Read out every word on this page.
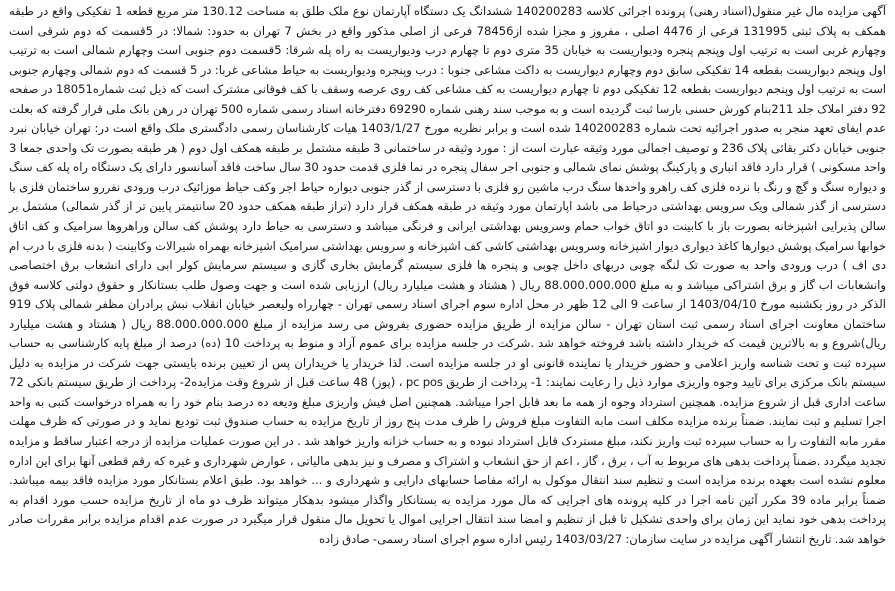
آگهی مزایده مال غیر منقول(اسناد رهنی) پرونده اجرائی کلاسه 140200283 ششدانگ یک دستگاه آپارتمان نوع ملک طلق به مساحت 130.12 متر مربع قطعه 1 تفکیکی واقع در طبقه همکف به پلاک ثبتی 131995 فرعی از 4476 اصلی ، مفروز و مجزا شده از78456 فرعی از اصلی مذکور واقع در بخش 7 تهران به حدود: شمالا: در 5قسمت که دوم شرقی است وچهارم غربی است به ترتیب اول وپنجم پنجره ودیواریست به خیابان 35 متری دوم تا چهارم درب ودیواریست به راه پله شرقا: 5قسمت دوم جنوبی است وچهارم شمالی است به ترتیب اول وپنجم دیواریست بقطعه 14 تفکیکی سابق دوم وچهارم دیواریست به داکت مشاعی جنوبا : درب وپنجره ودیواریست به حیاط مشاعی غربا: در 5 قسمت که دوم شمالی وچهارم جنوبی است به ترتیب اول وپنجم دیواریست بقطعه 12 تفکیکی دوم تا چهارم دیواریست به کف مشاعی کف روی عرصه وسقف با کف فوقانی مشترک است که ذیل ثبت شماره18051 در صفحه 92 دفتر املاک جلد 211بنام کورش حسنی بارسا ثبت گردیده است و به موجب سند رهنی شماره 69290 دفترخانه اسناد رسمی شماره 500 تهران در رهن بانک ملی قرار گرفته که بعلت عدم ایفای تعهد منجر به صدور اجرائیه تحت شماره 140200283 شده است و برابر نظریه مورخ 1403/1/27 هیات کارشناسان رسمی دادگستری ملک واقع است در: تهران خیابان نبرد جنوبی خیابان دکتر بقائی پلاک 236 و توصیف اجمالی مورد وثیقه عبارت است از : مورد وثیقه در ساختمانی 3 طبقه مشتمل بر طبقه همکف اول دوم ( هر طبقه بصورت تک واحدی جمعا 3 واحد مسکونی ) قرار دارد فاقد انباری و پارکینگ پوشش نمای شمالی و جنوبی اجر سفال پنجره در نما فلزی قدمت حدود 30 سال ساخت فاقد آسانسور دارای یک دستگاه راه پله کف سنگ و دیواره سنگ و گچ و رنگ با نرده فلزی کف راهرو واحدها سنگ درب ماشین رو فلزی با دسترسی از گذر جنوبی دیواره حیاط اجر وکف حیاط موزائیک درب ورودی نفررو ساختمان فلزی با دسترسی از گذر شمالی ویک سرویس بهداشتی درحیاط می باشد اپارتمان مورد وثیقه در طبقه همکف قرار دارد (تراز طبقه همکف حدود 20 سانتیمتر پایین تر از گذر شمالی) مشتمل بر سالن پذیرایی اشپزخانه بصورت باز با کابینت دو اتاق خواب حمام وسرویس بهداشتی ایرانی و فرنگی میباشد و دسترسی به حیاط دارد پوشش کف سالن وراهروها سرامیک و کف اتاق خوابها سرامیک پوشش دیوارها کاغذ دیواری دیوار اشپزخانه وسرویس بهداشتی کاشی کف اشپزخانه و سرویس بهداشتی سرامیک اشپزخانه بهمراه شیرالات وکابینت ( بدنه فلزی با درب ام دی اف ) درب ورودی واحد به صورت تک لنگه چوبی دربهای داخل چوبی و پنجره ها فلزی سیستم گرمایش بخاری گازی و سیستم سرمایش کولر ابی دارای انشعاب برق اختصاصی وانشعابات اب گاز و برق اشتراکی میباشد و به مبلغ 88.000.000.000 ریال ( هشتاد و هشت میلیارد ریال) ارزیابی شده است و جهت وصول طلب بستانکار و حقوق دولتی کلاسه فوق الذکر در روز یکشنبه مورخ 1403/04/10 از ساعت 9 الی 12 ظهر در محل اداره سوم اجرای اسناد رسمی تهران - چهارراه ولیعصر خیابان انقلاب نبش برادران مظفر شمالی پلاک 919 ساختمان معاونت اجرای اسناد رسمی ثبت استان تهران - سالن مزایده از طریق مزایده حضوری بفروش می رسد مزایده از مبلغ 88.000.000.000 ریال ( هشتاد و هشت میلیارد ریال)شروع و به بالاترین قیمت که خریدار داشته باشد فروخته خواهد شد .شرکت در جلسه مزایده برای عموم آزاد و منوط به پرداخت 10 (ده) درصد از مبلغ پایه کارشناسی به حساب سپرده ثبت و تحت شناسه واریز اعلامی و حضور خریدار یا نماینده قانونی او در جلسه مزایده است. لذا خریدار یا خریداران پس از تعیین برنده بایستی جهت شرکت در مزایده به دلیل سیستم بانک مرکزی برای تایید وجوه واریزی موارد ذیل را رعایت نمایند: 1- پرداخت از طریق pc pos ، (پوز) 48 ساعت قبل از شروع وقت مزایده2- پرداخت از طریق سیستم بانکی 72 ساعت اداری قبل از شروع مزایده. همچنین استرداد وجوه از همه ما بعد قابل اجرا میباشد. همچنین اصل فیش واریزی مبلغ ودیعه ده درصد بنام خود را به همراه درخواست کتبی به واحد اجرا تسلیم و ثبت نمایند. ضمناً برنده مزایده مکلف است مابه التفاوت مبلغ فروش را ظرف مدت پنج روز از تاریخ مزایده به حساب صندوق ثبت تودیع نماید و در صورتی که ظرف مهلت مقرر مابه التفاوت را به حساب سپرده ثبت واریز نکند، مبلغ مستردک قابل استرداد نبوده و به حساب خزانه واریز خواهد شد . در این صورت عملیات مزایده از درجه اعتبار ساقط و مزایده تجدید میگردد .ضمناً پرداخت بدهی های مربوط به آب ، برق ، گاز ، اعم از حق انشعاب و اشتراک و مصرف و نیز بدهی مالیاتی ، عوارض شهرداری و غیره که رقم قطعی آنها برای این اداره معلوم نشده است بعهده برنده مزایده است و تنظیم سند انتقال موکول به ارائه مفاصا حسابهای دارایی و شهرداری و ... خواهد بود. طبق اعلام بستانکار مورد مزایده فاقد بیمه میباشد. ضمناً برابر ماده 39 مکرر آئین نامه اجرا در کلیه پرونده های اجرایی که مال مورد مزایده به بستانکار واگذار میشود بدهکار میتواند ظرف دو ماه از تاریخ مزایده حسب مورد اقدام به پرداخت بدهی خود نماید این زمان برای واحدی تشکیل تا قبل از تنظیم و امضا سند انتقال اجرایی اموال یا تحویل مال منقول قرار میگیرد در صورت عدم اقدام مزایده برابر مقررات صادر خواهد شد. تاریخ انتشار آگهی مزایده در سایت سازمان: 1403/03/27 رئیس اداره سوم اجرای اسناد رسمی- صادق زاده
